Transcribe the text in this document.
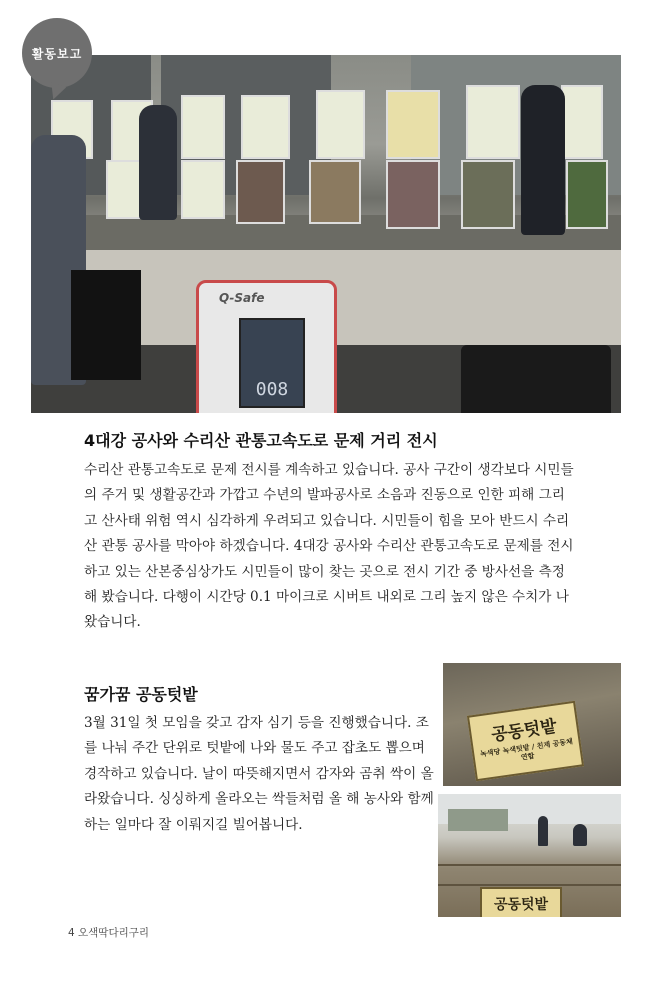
활동보고
Q-Safe
008
4대강 공사와 수리산 관통고속도로 문제 거리 전시

수리산 관통고속도로 문제 전시를 계속하고 있습니다. 공사 구간이 생각보다 시민들의 주거 및 생활공간과 가깝고 수년의 발파공사로 소음과 진동으로 인한 피해 그리고 산사태 위험 역시 심각하게 우려되고 있습니다. 시민들이 힘을 모아 반드시 수리산 관통 공사를 막아야 하겠습니다. 4대강 공사와 수리산 관통고속도로 문제를 전시하고 있는 산본중심상가도 시민들이 많이 찾는 곳으로 전시 기간 중 방사선을 측정해 봤습니다. 다행이 시간당 0.1 마이크로 시버트 내외로 그리 높지 않은 수치가 나왔습니다.

꿈가꿈 공동텃밭

3월 31일 첫 모임을 갖고 감자 심기 등을 진행했습니다. 조를 나눠 주간 단위로 텃밭에 나와 물도 주고 잡초도 뽑으며 경작하고 있습니다. 날이 따뜻해지면서 감자와 곰취 싹이 올라왔습니다. 싱싱하게 올라오는 싹들처럼 올 해 농사와 함께 하는 일마다 잘 이뤄지길 빌어봅니다.

공동텃밭
녹색당 녹색텃밭 / 친재 공동체 연합
공동텃밭
4 오색딱다리구리
